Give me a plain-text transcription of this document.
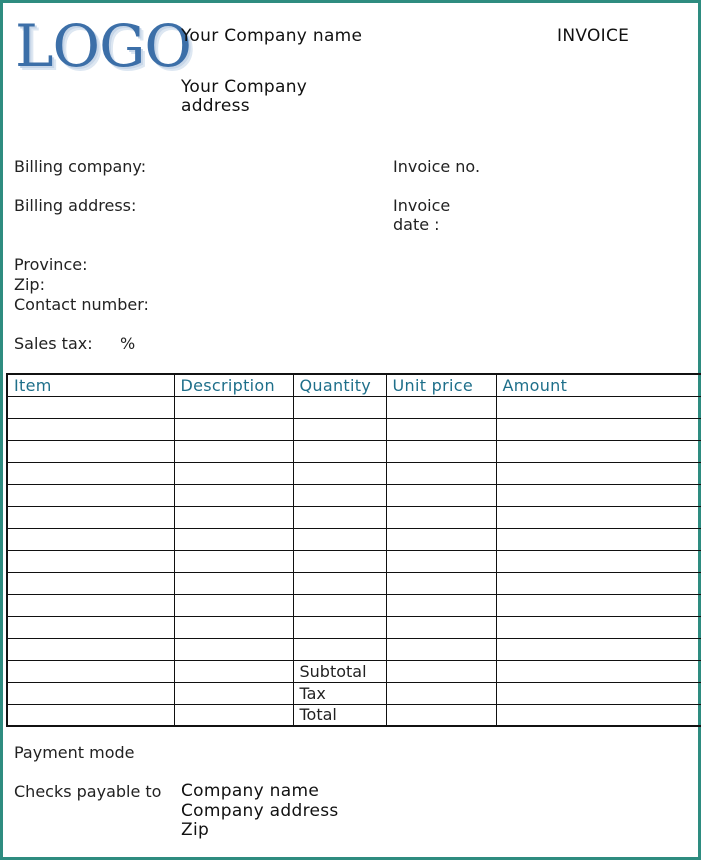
LOGO
Your Company name	INVOICE
Your Company address
Billing company:
Billing address:
Invoice no.
Invoice date :
Province:
Zip:
Contact number:
Sales tax: %
Item	Description	Quantity	Unit price	Amount

		Subtotal		
		Tax		
		Total		
Payment mode
Checks payable to Company name
Company address
Zip
